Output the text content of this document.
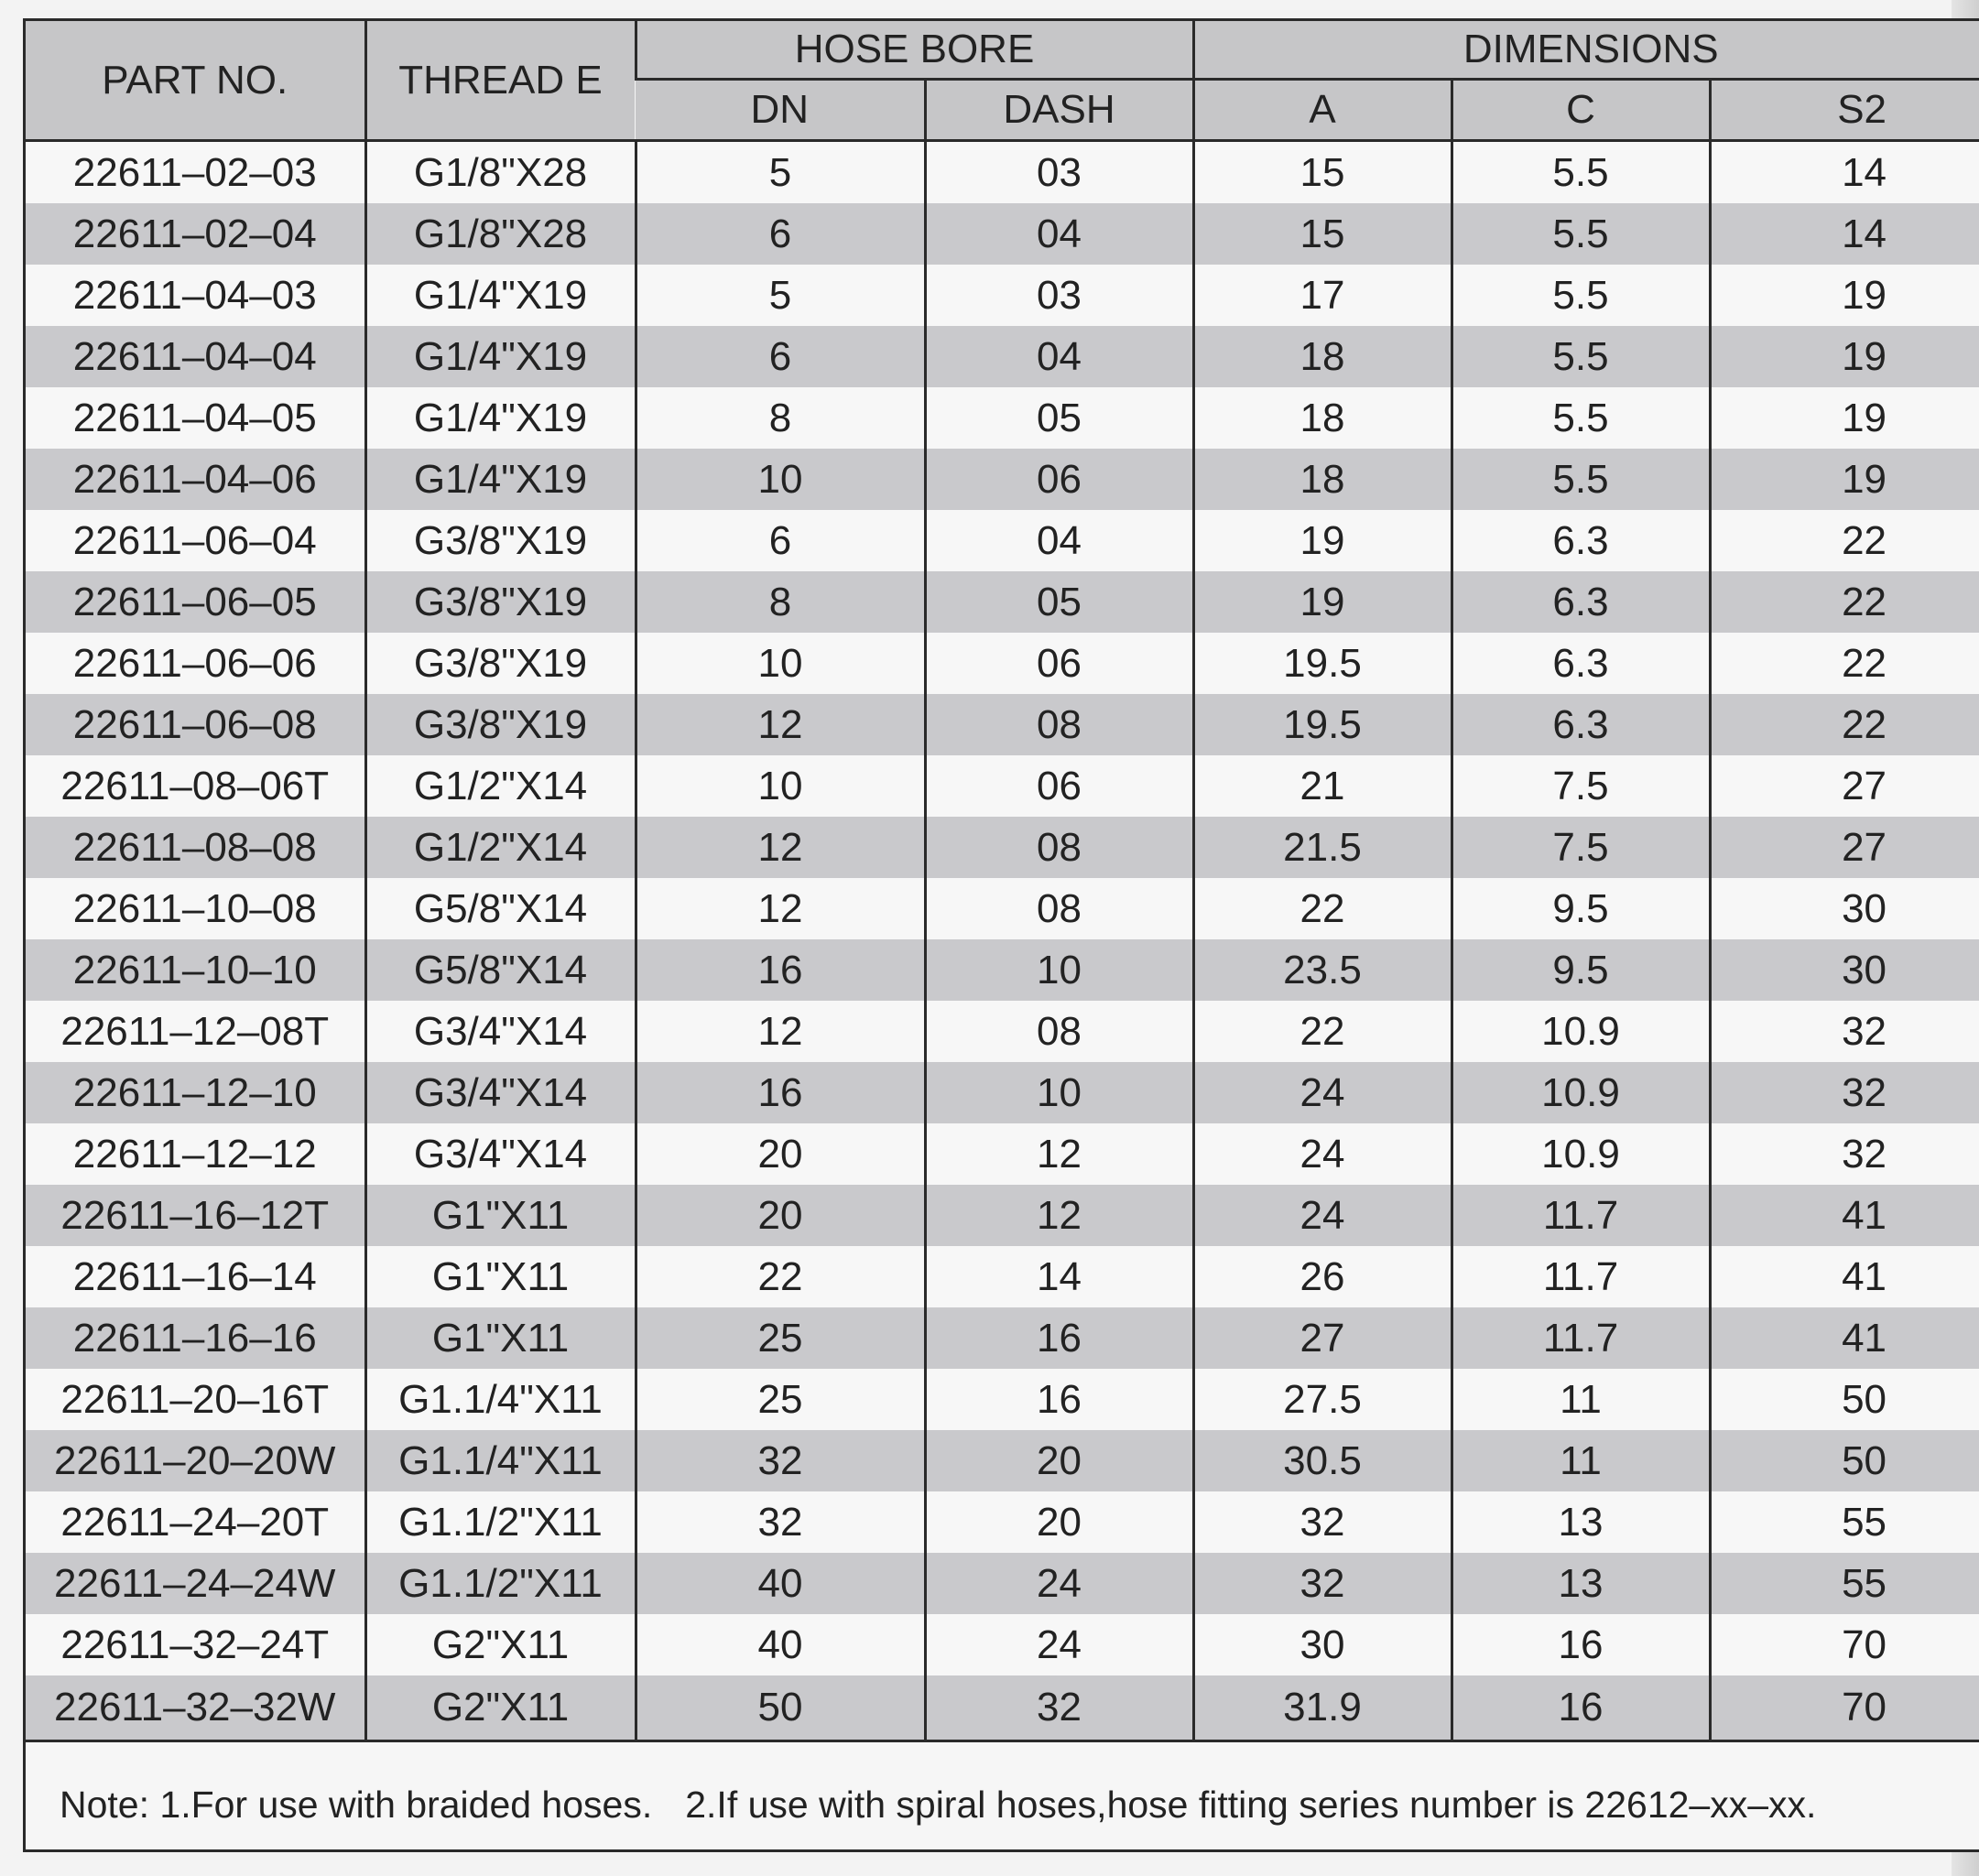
PART NO.	THREAD E	HOSE BORE		DIMENSIONS		
		DN	DASH	A	C	S2
22611–02–03	G1/8"X28	5	03	15	5.5	14
22611–02–04	G1/8"X28	6	04	15	5.5	14
22611–04–03	G1/4"X19	5	03	17	5.5	19
22611–04–04	G1/4"X19	6	04	18	5.5	19
22611–04–05	G1/4"X19	8	05	18	5.5	19
22611–04–06	G1/4"X19	10	06	18	5.5	19
22611–06–04	G3/8"X19	6	04	19	6.3	22
22611–06–05	G3/8"X19	8	05	19	6.3	22
22611–06–06	G3/8"X19	10	06	19.5	6.3	22
22611–06–08	G3/8"X19	12	08	19.5	6.3	22
22611–08–06T	G1/2"X14	10	06	21	7.5	27
22611–08–08	G1/2"X14	12	08	21.5	7.5	27
22611–10–08	G5/8"X14	12	08	22	9.5	30
22611–10–10	G5/8"X14	16	10	23.5	9.5	30
22611–12–08T	G3/4"X14	12	08	22	10.9	32
22611–12–10	G3/4"X14	16	10	24	10.9	32
22611–12–12	G3/4"X14	20	12	24	10.9	32
22611–16–12T	G1"X11	20	12	24	11.7	41
22611–16–14	G1"X11	22	14	26	11.7	41
22611–16–16	G1"X11	25	16	27	11.7	41
22611–20–16T	G1.1/4"X11	25	16	27.5	11	50
22611–20–20W	G1.1/4"X11	32	20	30.5	11	50
22611–24–20T	G1.1/2"X11	32	20	32	13	55
22611–24–24W	G1.1/2"X11	40	24	32	13	55
22611–32–24T	G2"X11	40	24	30	16	70
22611–32–32W	G2"X11	50	32	31.9	16	70
Note: 1.For use with braided hoses. 2.If use with spiral hoses,hose fitting series number is 22612–xx–xx.
